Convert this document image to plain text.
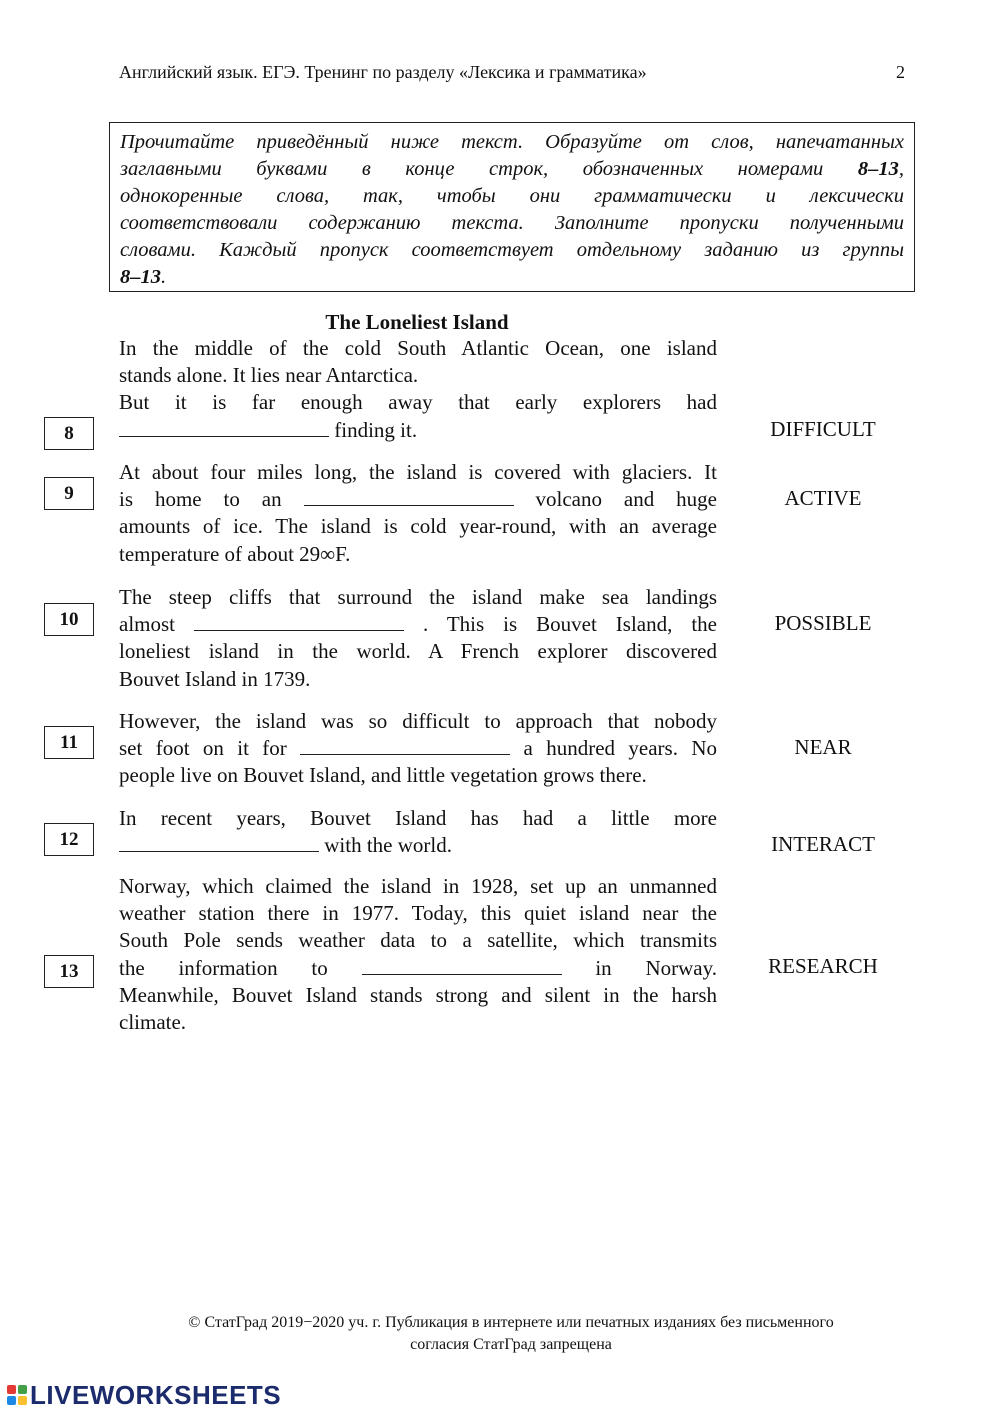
Английский язык. ЕГЭ. Тренинг по разделу «Лексика и грамматика»	2
Прочитайте приведённый ниже текст. Образуйте от слов, напечатанных
заглавными буквами в конце строк, обозначенных номерами 8–13,
однокоренные слова, так, чтобы они грамматически и лексически
соответствовали содержанию текста. Заполните пропуски полученными
словами. Каждый пропуск соответствует отдельному заданию из группы
8–13.
The Loneliest Island
In the middle of the cold South Atlantic Ocean, one island
stands alone. It lies near Antarctica.
But it is far enough away that early explorers had
finding it.
8	DIFFICULT
At about four miles long, the island is covered with glaciers. It
is home to an	volcano and huge
amounts of ice. The island is cold year-round, with an average
temperature of about 29∞F.
9	ACTIVE
The steep cliffs that surround the island make sea landings
almost	. This is Bouvet Island, the
loneliest island in the world. A French explorer discovered
Bouvet Island in 1739.
10	POSSIBLE
However, the island was so difficult to approach that nobody
set foot on it for	a hundred years. No
people live on Bouvet Island, and little vegetation grows there.
11	NEAR
In recent years, Bouvet Island has had a little more
with the world.
12	INTERACT
Norway, which claimed the island in 1928, set up an unmanned
weather station there in 1977. Today, this quiet island near the
South Pole sends weather data to a satellite, which transmits
the information to	in Norway.
Meanwhile, Bouvet Island stands strong and silent in the harsh
climate.
13	RESEARCH
© СтатГрад 2019−2020 уч. г. Публикация в интернете или печатных изданиях без письменного
согласия СтатГрад запрещена
LIVEWORKSHEETS
